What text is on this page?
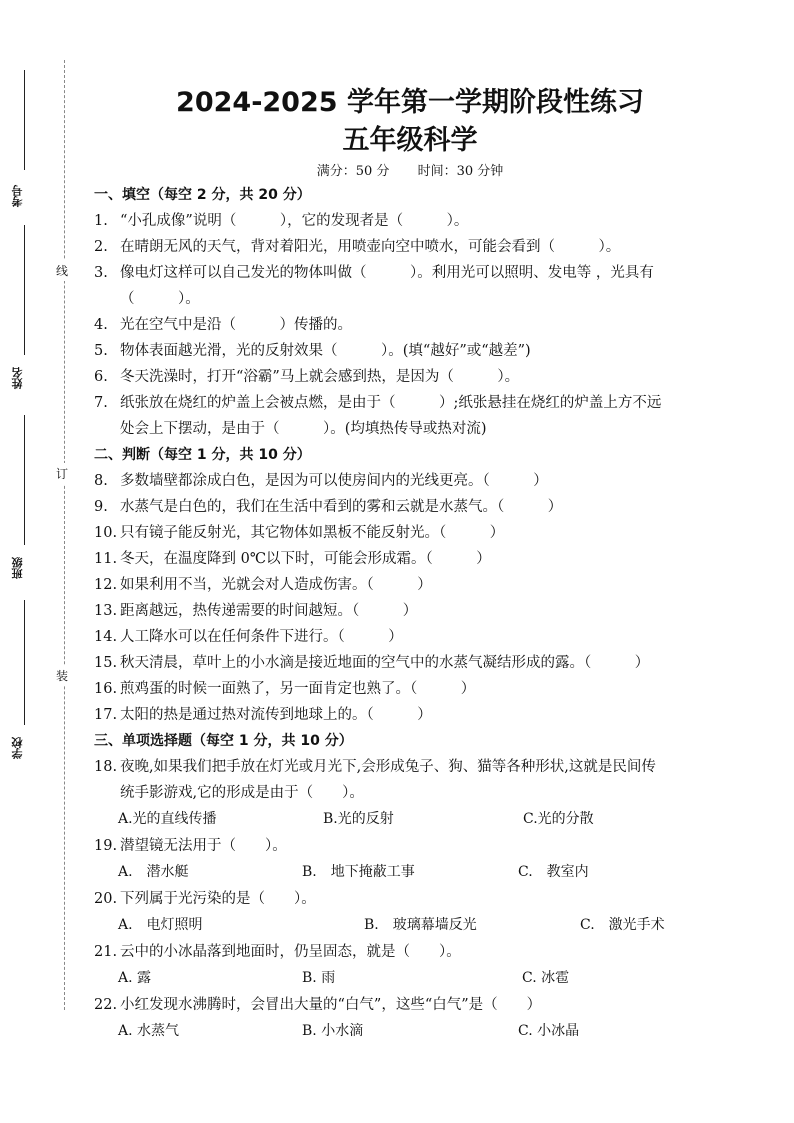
考号
姓名
班级
学校
线
订
装
2024-2025 学年第一学期阶段性练习
五年级科学
满分：50 分 时间：30 分钟
一、填空（每空 2 分，共 20 分）
1. “小孔成像”说明（　　　），它的发现者是（　　　）。
2. 在晴朗无风的天气，背对着阳光，用喷壶向空中喷水，可能会看到（　　　）。
3. 像电灯这样可以自己发光的物体叫做（　　　）。利用光可以照明、发电等 ，光具有
（　　　）。
4. 光在空气中是沿（　　　）传播的。
5. 物体表面越光滑，光的反射效果（　　　）。(填“越好”或“越差”)
6. 冬天洗澡时，打开“浴霸”马上就会感到热，是因为（　　　）。
7. 纸张放在烧红的炉盖上会被点燃，是由于（　　　）;纸张悬挂在烧红的炉盖上方不远
处会上下摆动，是由于（　　　）。(均填热传导或热对流)
二、判断（每空 1 分，共 10 分）
8. 多数墙壁都涂成白色，是因为可以使房间内的光线更亮。（　　　）
9. 水蒸气是白色的，我们在生活中看到的雾和云就是水蒸气。（　　　）
10. 只有镜子能反射光，其它物体如黑板不能反射光。（　　　）
11. 冬天，在温度降到 0℃以下时，可能会形成霜。（　　　）
12. 如果利用不当，光就会对人造成伤害。（　　　）
13. 距离越远，热传递需要的时间越短。（　　　）
14. 人工降水可以在任何条件下进行。（　　　）
15. 秋天清晨，草叶上的小水滴是接近地面的空气中的水蒸气凝结形成的露。（　　　）
16. 煎鸡蛋的时候一面熟了，另一面肯定也熟了。（　　　）
17. 太阳的热是通过热对流传到地球上的。（　　　）
三、单项选择题（每空 1 分，共 10 分）
18. 夜晚,如果我们把手放在灯光或月光下,会形成兔子、狗、猫等各种形状,这就是民间传
统手影游戏,它的形成是由于（　　）。
A.光的直线传播	B.光的反射	C.光的分散
19. 潜望镜无法用于（　　）。
A.　潜水艇	B.　地下掩蔽工事	C.　教室内
20. 下列属于光污染的是（　　）。
A.　电灯照明	B.　玻璃幕墙反光	C.　激光手术
21. 云中的小冰晶落到地面时，仍呈固态，就是（　　）。
A. 露	B. 雨	C. 冰雹
22. 小红发现水沸腾时，会冒出大量的“白气”，这些“白气”是（　　）
A. 水蒸气	B. 小水滴	C. 小冰晶
